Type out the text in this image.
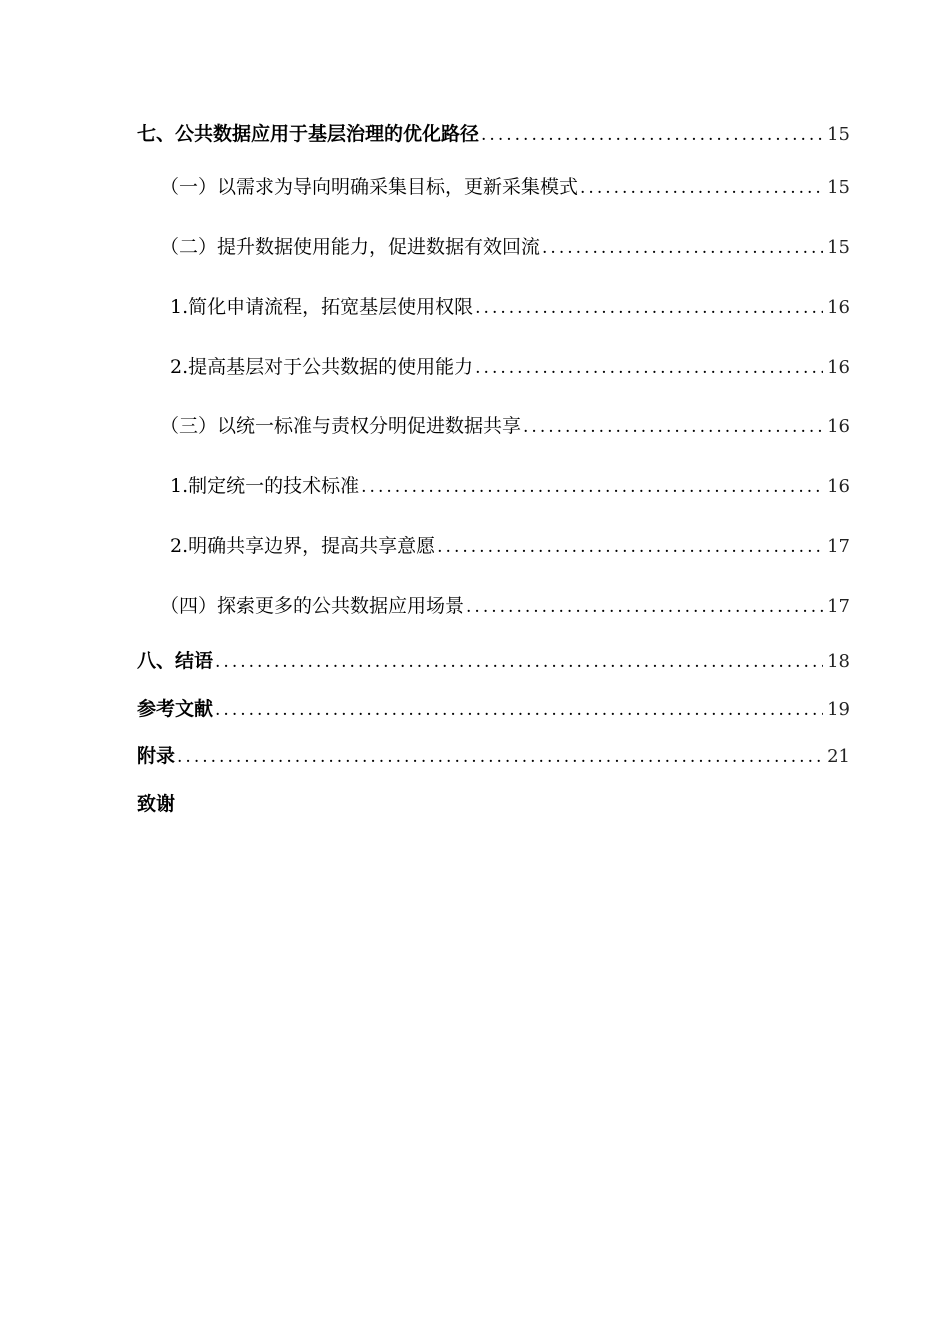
七、公共数据应用于基层治理的优化路径 . . .	15
（一）以需求为导向明确采集目标，更新采集模式 . . .	15
（二）提升数据使用能力，促进数据有效回流 . . .	15
1.简化申请流程，拓宽基层使用权限 . . .	16
2.提高基层对于公共数据的使用能力 . . .	16
（三）以统一标准与责权分明促进数据共享 . . .	16
1.制定统一的技术标准 . . .	16
2.明确共享边界，提高共享意愿 . . .	17
（四）探索更多的公共数据应用场景 . . .	17
八、结语 . . .	18
参考文献 . . .	19
附录 . . .	21
致谢
